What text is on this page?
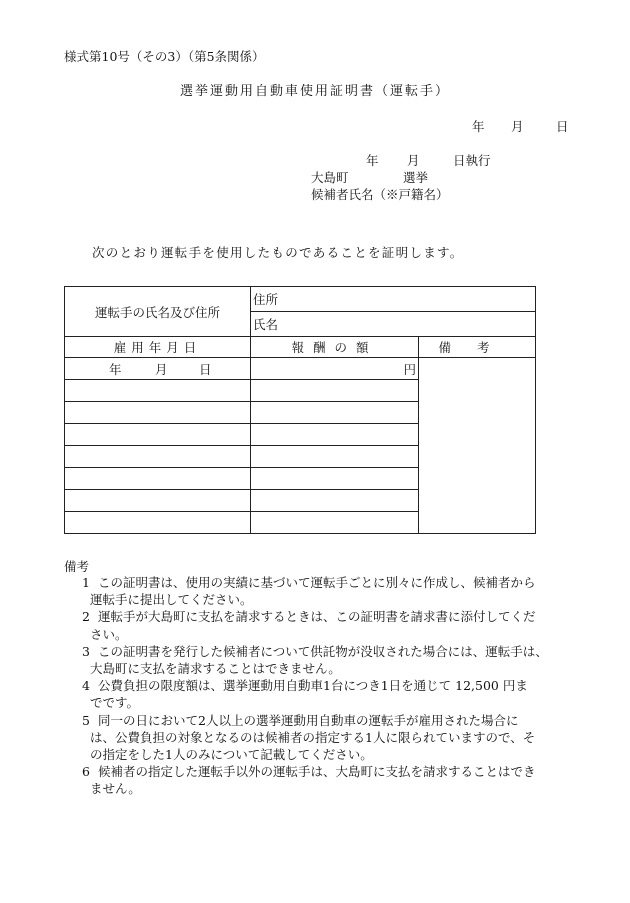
様式第10号（その3）（第5条関係）
選挙運動用自動車使用証明書（運転手）
年 月	日
年 月	日執行
大島町	選挙
候補者氏名（※戸籍名）
次のとおり運転手を使用したものであることを証明します。
運転手の氏名及び住所	住所	
	氏名	
雇用年月日	報酬の額	備考
年 月 日	円	

備考

1 この証明書は、使用の実績に基づいて運転手ごとに別々に作成し、候補者から
運転手に提出してください。

2 運転手が大島町に支払を請求するときは、この証明書を請求書に添付してくだ
さい。

3 この証明書を発行した候補者について供託物が没収された場合には、運転手は、
大島町に支払を請求することはできません。

4 公費負担の限度額は、選挙運動用自動車1台につき1日を通じて 12,500 円ま
でです。

5 同一の日において2人以上の選挙運動用自動車の運転手が雇用された場合に
は、公費負担の対象となるのは候補者の指定する1人に限られていますので、そ
の指定をした1人のみについて記載してください。

6 候補者の指定した運転手以外の運転手は、大島町に支払を請求することはでき
ません。
